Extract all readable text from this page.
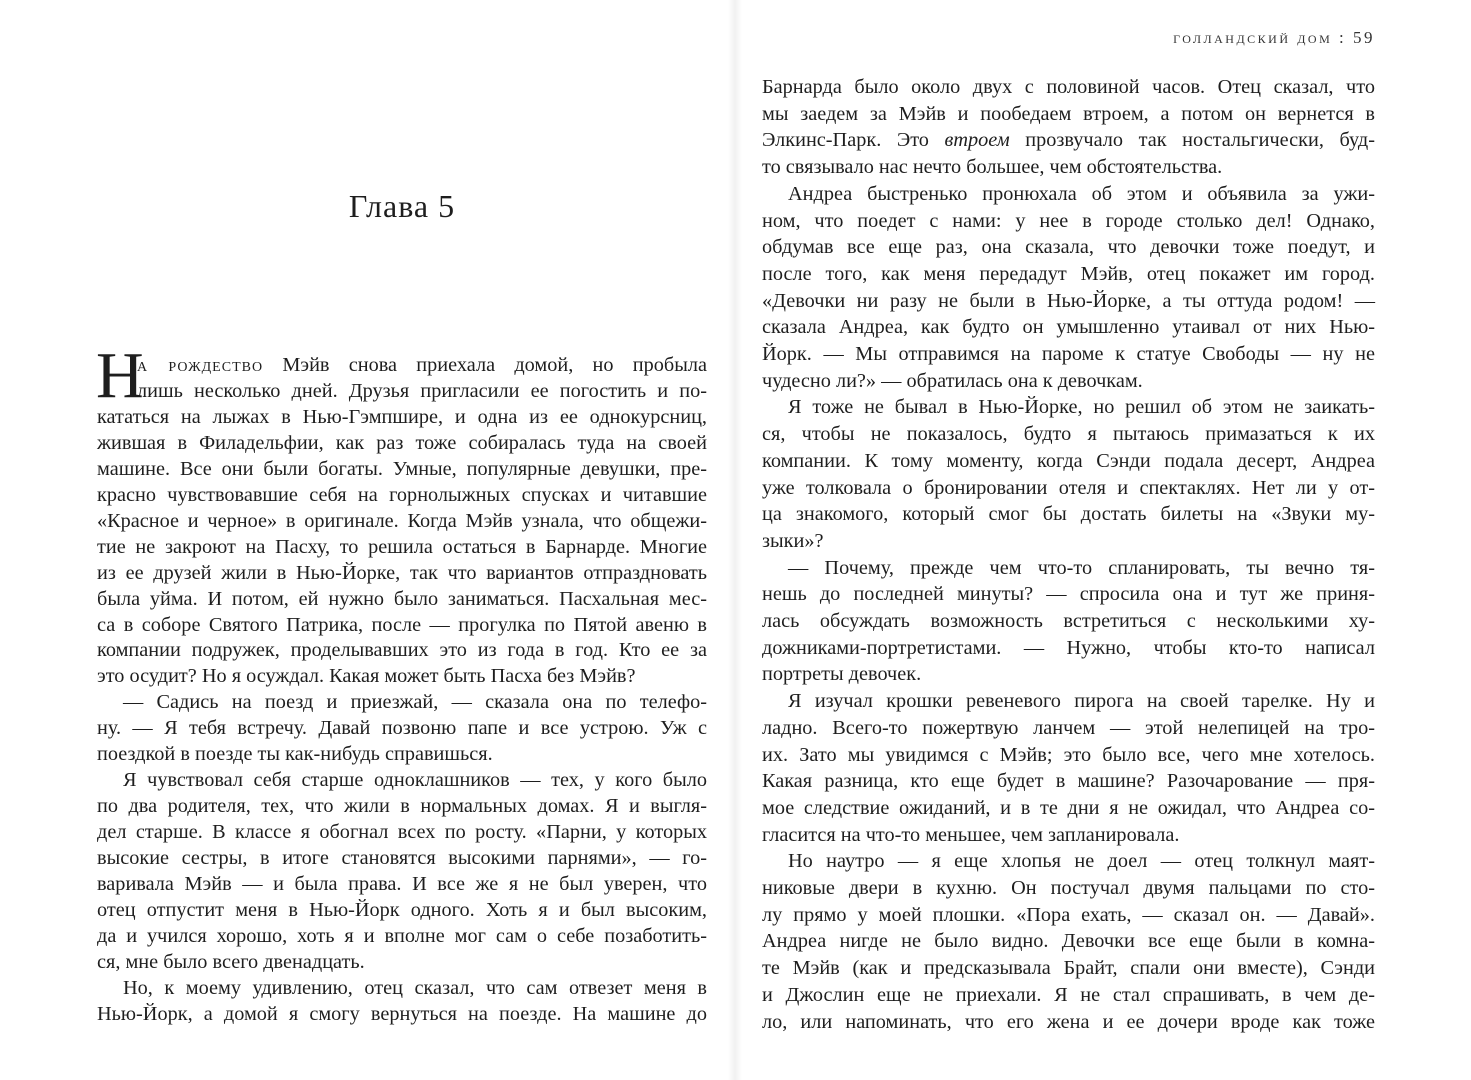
голландский дом : 59
Глава 5
Н
а рождество Мэйв снова приехала домой, но пробыла
лишь несколько дней. Друзья пригласили ее погостить и по-
кататься на лыжах в Нью-Гэмпшире, и одна из ее однокурсниц,
жившая в Филадельфии, как раз тоже собиралась туда на своей
машине. Все они были богаты. Умные, популярные девушки, пре-
красно чувствовавшие себя на горнолыжных спусках и читавшие
«Красное и черное» в оригинале. Когда Мэйв узнала, что общежи-
тие не закроют на Пасху, то решила остаться в Барнарде. Многие
из ее друзей жили в Нью-Йорке, так что вариантов отпраздновать
была уйма. И потом, ей нужно было заниматься. Пасхальная мес-
са в соборе Святого Патрика, после — прогулка по Пятой авеню в
компании подружек, проделывавших это из года в год. Кто ее за
это осудит? Но я осуждал. Какая может быть Пасха без Мэйв?
— Садись на поезд и приезжай, — сказала она по телефо-
ну. — Я тебя встречу. Давай позвоню папе и все устрою. Уж с
поездкой в поезде ты как-нибудь справишься.
Я чувствовал себя старше одноклашников — тех, у кого было
по два родителя, тех, что жили в нормальных домах. Я и выгля-
дел старше. В классе я обогнал всех по росту. «Парни, у которых
высокие сестры, в итоге становятся высокими парнями», — го-
варивала Мэйв — и была права. И все же я не был уверен, что
отец отпустит меня в Нью-Йорк одного. Хоть я и был высоким,
да и учился хорошо, хоть я и вполне мог сам о себе позаботить-
ся, мне было всего двенадцать.
Но, к моему удивлению, отец сказал, что сам отвезет меня в
Нью-Йорк, а домой я смогу вернуться на поезде. На машине до
Барнарда было около двух с половиной часов. Отец сказал, что
мы заедем за Мэйв и пообедаем втроем, а потом он вернется в
Элкинс-Парк. Это втроем прозвучало так ностальгически, буд-
то связывало нас нечто большее, чем обстоятельства.
Андреа быстренько пронюхала об этом и объявила за ужи-
ном, что поедет с нами: у нее в городе столько дел! Однако,
обдумав все еще раз, она сказала, что девочки тоже поедут, и
после того, как меня передадут Мэйв, отец покажет им город.
«Девочки ни разу не были в Нью-Йорке, а ты оттуда родом! —
сказала Андреа, как будто он умышленно утаивал от них Нью-
Йорк. — Мы отправимся на пароме к статуе Свободы — ну не
чудесно ли?» — обратилась она к девочкам.
Я тоже не бывал в Нью-Йорке, но решил об этом не заикать-
ся, чтобы не показалось, будто я пытаюсь примазаться к их
компании. К тому моменту, когда Сэнди подала десерт, Андреа
уже толковала о бронировании отеля и спектаклях. Нет ли у от-
ца знакомого, который смог бы достать билеты на «Звуки му-
зыки»?
— Почему, прежде чем что-то спланировать, ты вечно тя-
нешь до последней минуты? — спросила она и тут же приня-
лась обсуждать возможность встретиться с несколькими ху-
дожниками-портретистами. — Нужно, чтобы кто-то написал
портреты девочек.
Я изучал крошки ревеневого пирога на своей тарелке. Ну и
ладно. Всего-то пожертвую ланчем — этой нелепицей на тро-
их. Зато мы увидимся с Мэйв; это было все, чего мне хотелось.
Какая разница, кто еще будет в машине? Разочарование — пря-
мое следствие ожиданий, и в те дни я не ожидал, что Андреа со-
гласится на что-то меньшее, чем запланировала.
Но наутро — я еще хлопья не доел — отец толкнул маят-
никовые двери в кухню. Он постучал двумя пальцами по сто-
лу прямо у моей плошки. «Пора ехать, — сказал он. — Давай».
Андреа нигде не было видно. Девочки все еще были в комна-
те Мэйв (как и предсказывала Брайт, спали они вместе), Сэнди
и Джослин еще не приехали. Я не стал спрашивать, в чем де-
ло, или напоминать, что его жена и ее дочери вроде как тоже
